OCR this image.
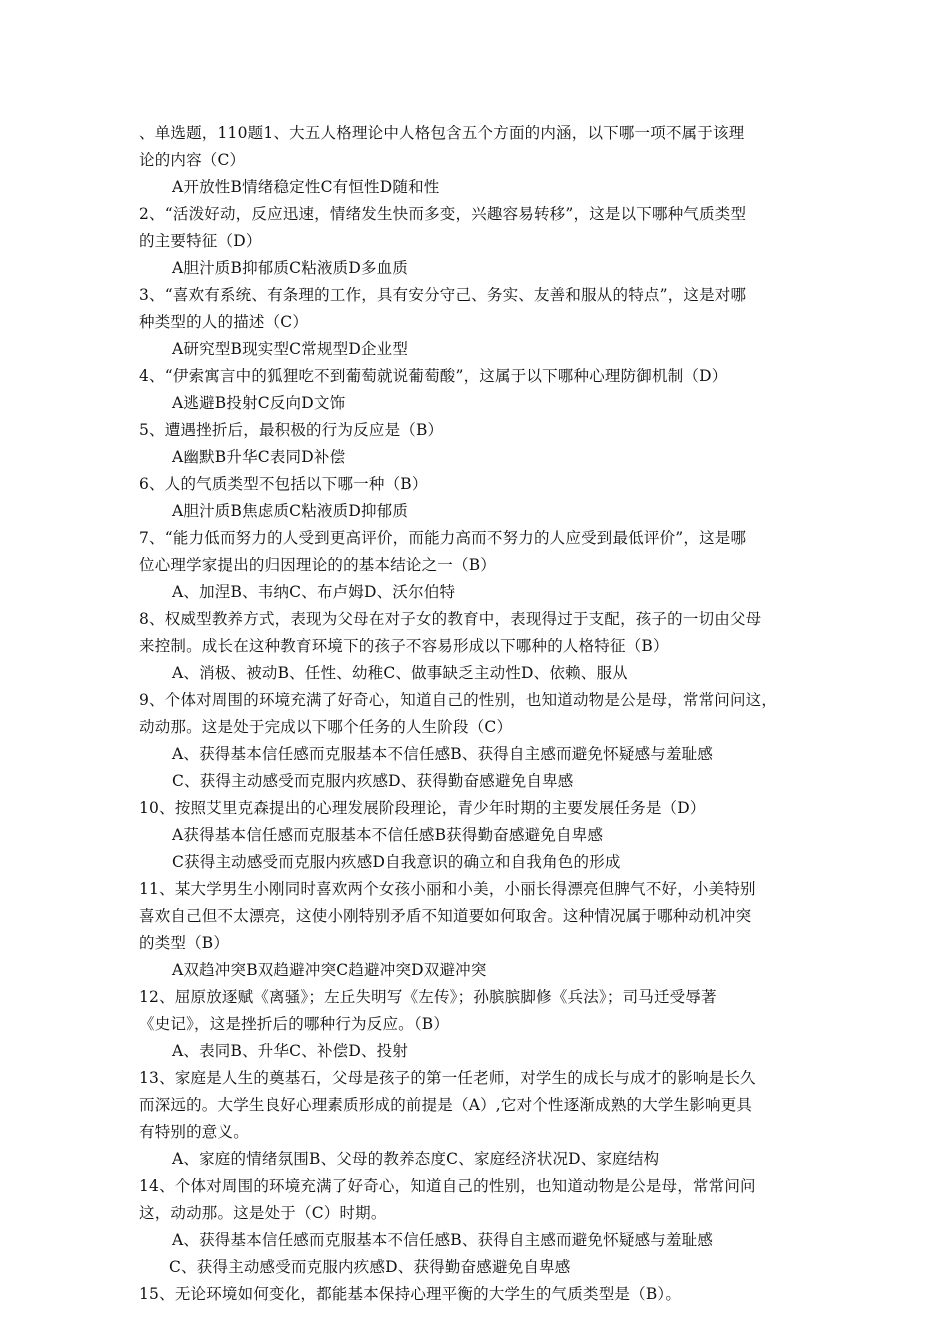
、单选题，110题1、大五人格理论中人格包含五个方面的内涵，以下哪一项不属于该理
论的内容（C）
A开放性B情绪稳定性C有恒性D随和性
2、“活泼好动，反应迅速，情绪发生快而多变，兴趣容易转移”，这是以下哪种气质类型
的主要特征（D）
A胆汁质B抑郁质C粘液质D多血质
3、“喜欢有系统、有条理的工作，具有安分守己、务实、友善和服从的特点”，这是对哪
种类型的人的描述（C）
A研究型B现实型C常规型D企业型
4、“伊索寓言中的狐狸吃不到葡萄就说葡萄酸”，这属于以下哪种心理防御机制（D）
A逃避B投射C反向D文饰
5、遭遇挫折后，最积极的行为反应是（B）
A幽默B升华C表同D补偿
6、人的气质类型不包括以下哪一种（B）
A胆汁质B焦虑质C粘液质D抑郁质
7、“能力低而努力的人受到更高评价，而能力高而不努力的人应受到最低评价”，这是哪
位心理学家提出的归因理论的的基本结论之一（B）
A、加涅B、韦纳C、布卢姆D、沃尔伯特
8、权威型教养方式，表现为父母在对子女的教育中，表现得过于支配，孩子的一切由父母
来控制。成长在这种教育环境下的孩子不容易形成以下哪种的人格特征（B）
A、消极、被动B、任性、幼稚C、做事缺乏主动性D、依赖、服从
9、个体对周围的环境充满了好奇心，知道自己的性别，也知道动物是公是母，常常问问这，
动动那。这是处于完成以下哪个任务的人生阶段（C）
A、获得基本信任感而克服基本不信任感B、获得自主感而避免怀疑感与羞耻感
C、获得主动感受而克服内疚感D、获得勤奋感避免自卑感
10、按照艾里克森提出的心理发展阶段理论，青少年时期的主要发展任务是（D）
A获得基本信任感而克服基本不信任感B获得勤奋感避免自卑感
C获得主动感受而克服内疚感D自我意识的确立和自我角色的形成
11、某大学男生小刚同时喜欢两个女孩小丽和小美，小丽长得漂亮但脾气不好，小美特别
喜欢自己但不太漂亮，这使小刚特别矛盾不知道要如何取舍。这种情况属于哪种动机冲突
的类型（B）
A双趋冲突B双趋避冲突C趋避冲突D双避冲突
12、屈原放逐赋《离骚》；左丘失明写《左传》；孙膑膑脚修《兵法》；司马迁受辱著
《史记》，这是挫折后的哪种行为反应。（B）
A、表同B、升华C、补偿D、投射
13、家庭是人生的奠基石，父母是孩子的第一任老师，对学生的成长与成才的影响是长久
而深远的。大学生良好心理素质形成的前提是（A）,它对个性逐渐成熟的大学生影响更具
有特别的意义。
A、家庭的情绪氛围B、父母的教养态度C、家庭经济状况D、家庭结构
14、个体对周围的环境充满了好奇心，知道自己的性别，也知道动物是公是母，常常问问
这，动动那。这是处于（C）时期。
A、获得基本信任感而克服基本不信任感B、获得自主感而避免怀疑感与羞耻感
C、获得主动感受而克服内疚感D、获得勤奋感避免自卑感
15、无论环境如何变化，都能基本保持心理平衡的大学生的气质类型是（B）。
